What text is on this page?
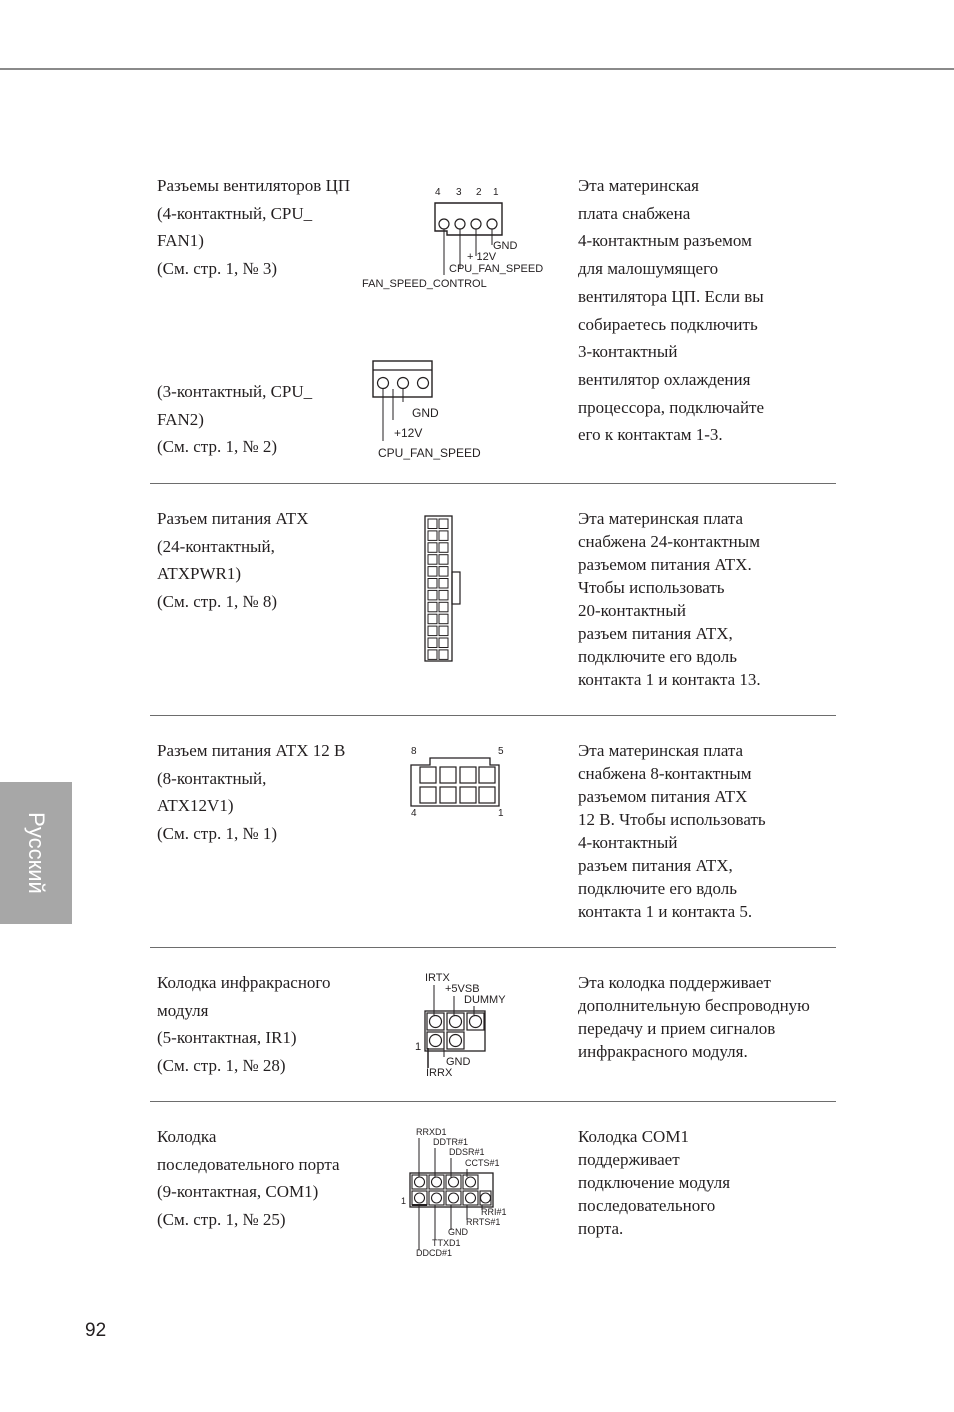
Русский
92

Разъемы вентиляторов ЦП

(4-контактный, CPU_

FAN1)

(См. стр. 1, № 3)

(3-контактный, CPU_

FAN2)

(См. стр. 1, № 2)

Эта материнская

плата снабжена

4-контактным разъемом

для малошумящего

вентилятора ЦП. Если вы

собираетесь подключить

3-контактный

вентилятор охлаждения

процессора, подключайте

его к контактам 1-3.

4 3 2 1
GND
+ 12V
CPU_FAN_SPEED
FAN_SPEED_CONTROL
GND
+12V
CPU_FAN_SPEED

Разъем питания ATX

(24-контактный,

ATXPWR1)

(См. стр. 1, № 8)

Эта материнская плата

снабжена 24-контактным

разъемом питания ATX.

Чтобы использовать

20-контактный

разъем питания ATX,

подключите его вдоль

контакта 1 и контакта 13.

Разъем питания ATX 12 В

(8-контактный,

ATX12V1)

(См. стр. 1, № 1)

Эта материнская плата

снабжена 8-контактным

разъемом питания ATX

12 В. Чтобы использовать

4-контактный

разъем питания ATX,

подключите его вдоль

контакта 1 и контакта 5.

8	5
4	1

Колодка инфракрасного

модуля

(5-контактная, IR1)

(См. стр. 1, № 28)

Эта колодка поддерживает

дополнительную беспроводную

передачу и прием сигналов

инфракрасного модуля.

IRTX
+5VSB
DUMMY
1
GND
IRRX

Колодка

последовательного порта

(9-контактная, COM1)

(См. стр. 1, № 25)

Колодка COM1

поддерживает

подключение модуля

последовательного

порта.

RRXD1
DDTR#1
DDSR#1
CCTS#1
1
RRI#1
RRTS#1
GND
TTXD1
DDCD#1
